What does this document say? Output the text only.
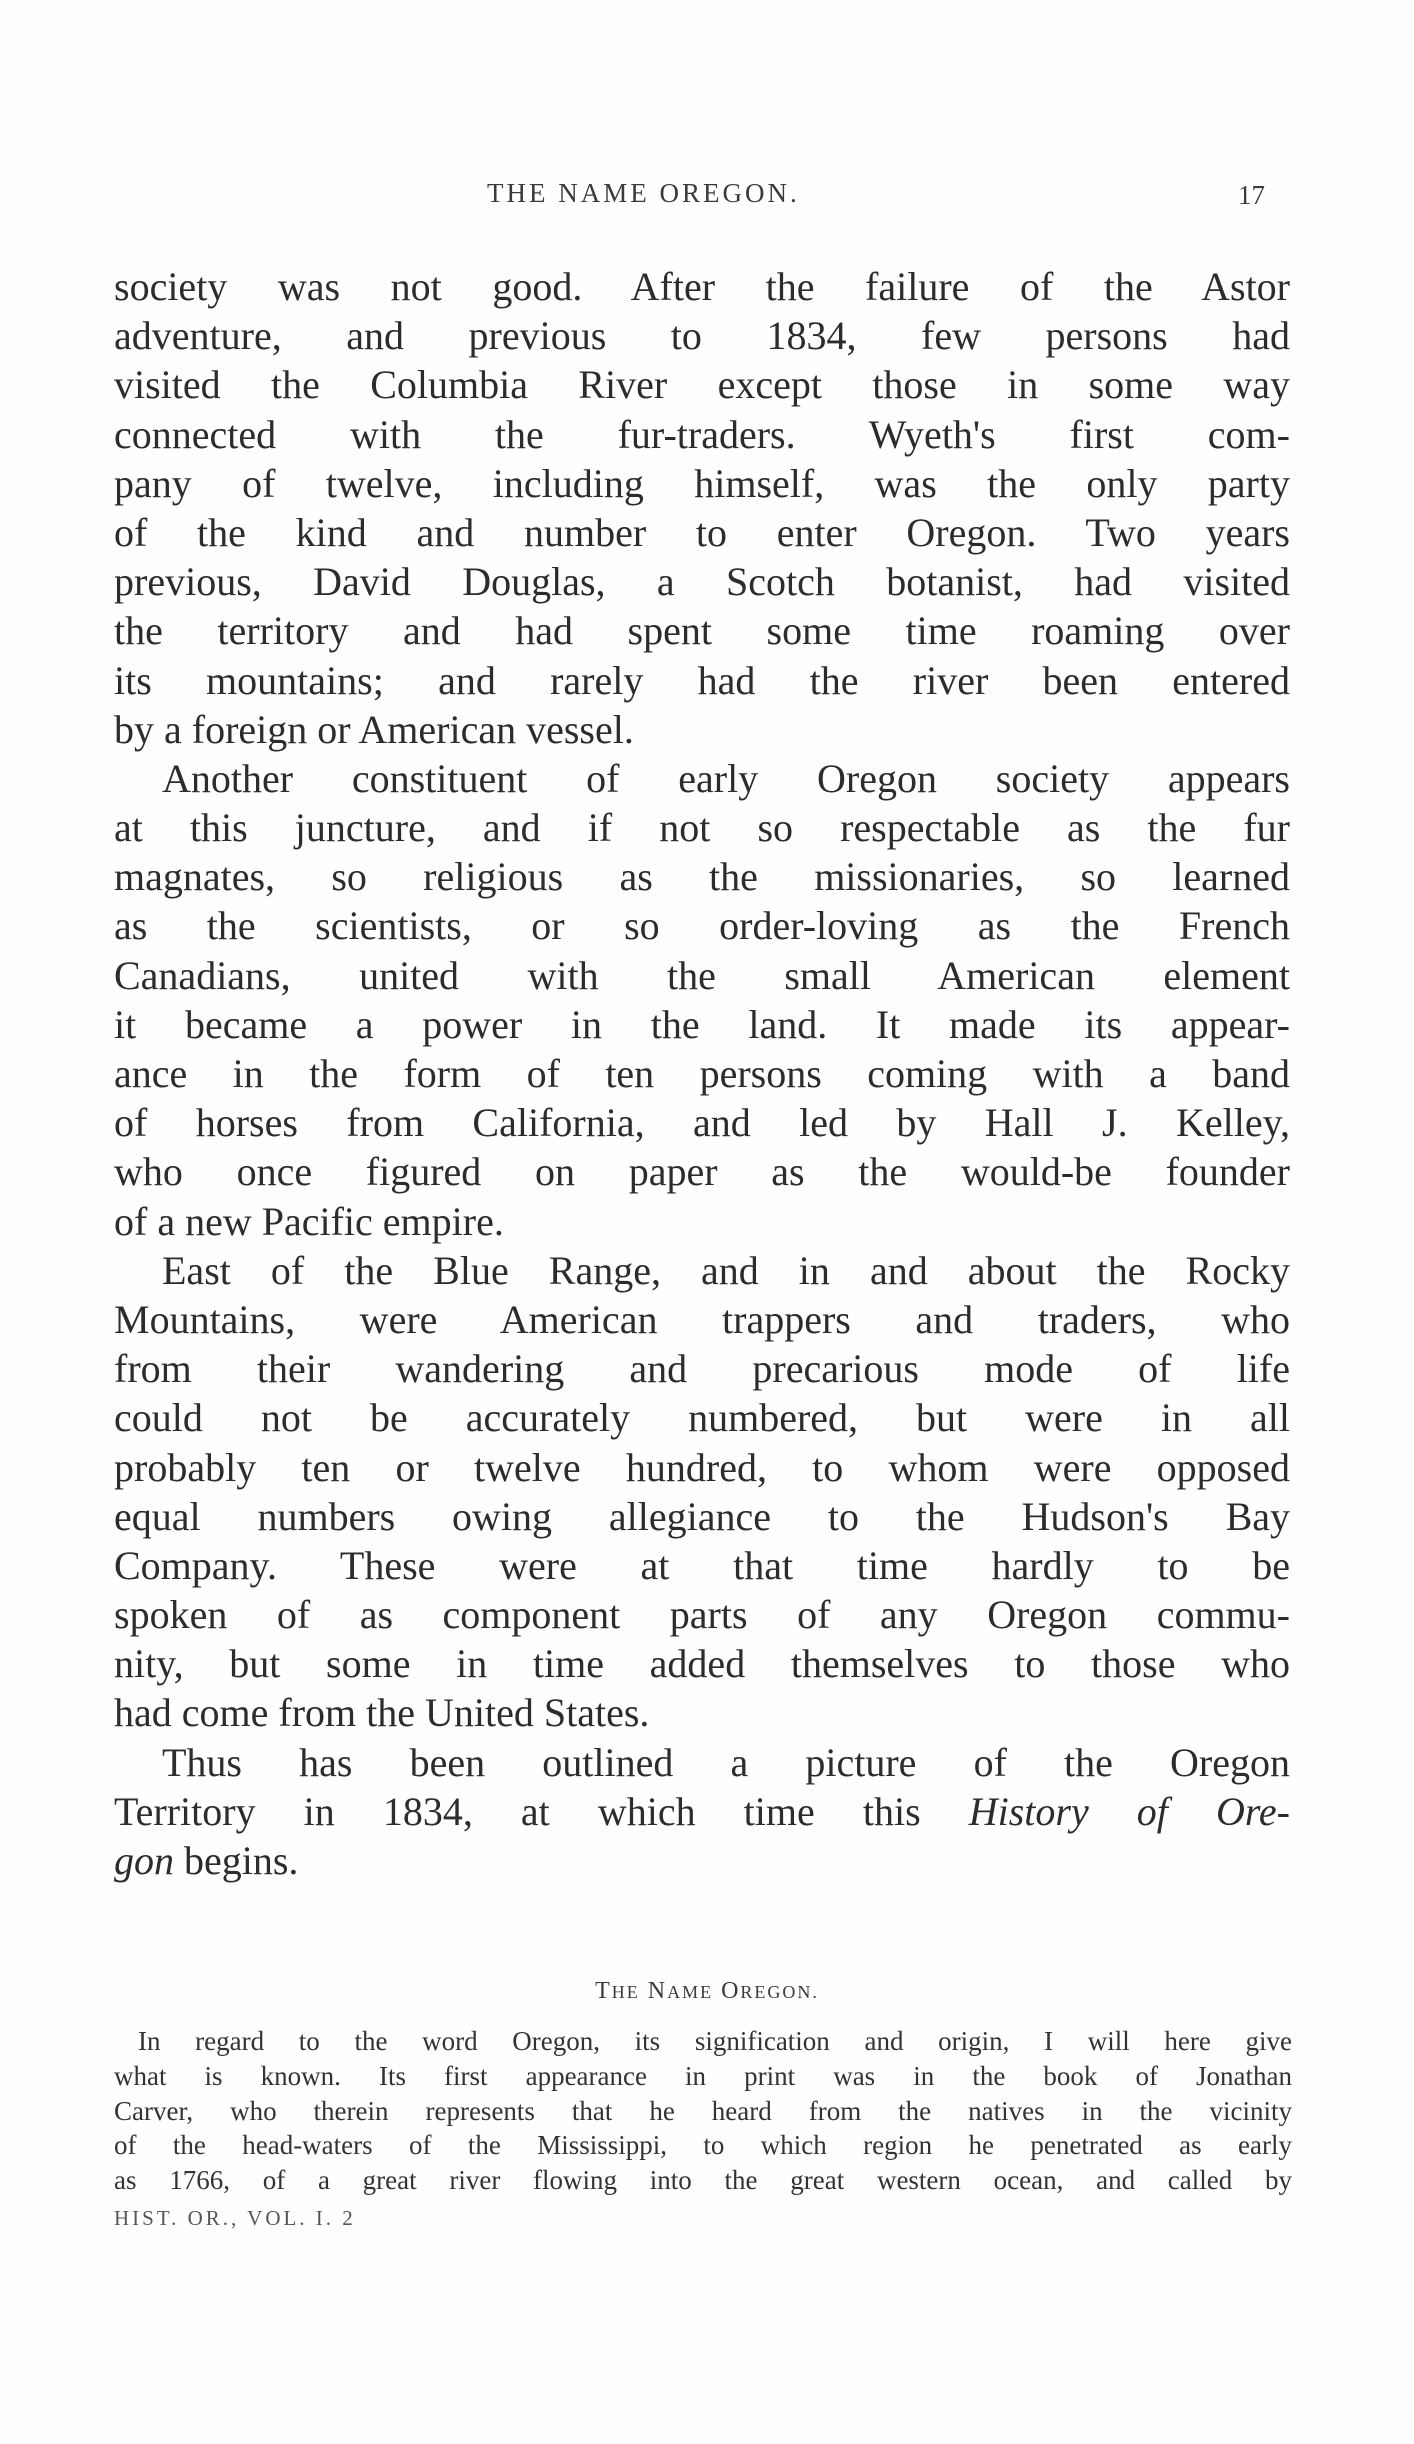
THE NAME OREGON.	17
society was not good. After the failure of the Astor
adventure, and previous to 1834, few persons had
visited the Columbia River except those in some way
connected with the fur-traders. Wyeth's first com-
pany of twelve, including himself, was the only party
of the kind and number to enter Oregon. Two years
previous, David Douglas, a Scotch botanist, had visited
the territory and had spent some time roaming over
its mountains; and rarely had the river been entered
by a foreign or American vessel.
Another constituent of early Oregon society appears
at this juncture, and if not so respectable as the fur
magnates, so religious as the missionaries, so learned
as the scientists, or so order-loving as the French
Canadians, united with the small American element
it became a power in the land. It made its appear-
ance in the form of ten persons coming with a band
of horses from California, and led by Hall J. Kelley,
who once figured on paper as the would-be founder
of a new Pacific empire.
East of the Blue Range, and in and about the Rocky
Mountains, were American trappers and traders, who
from their wandering and precarious mode of life
could not be accurately numbered, but were in all
probably ten or twelve hundred, to whom were opposed
equal numbers owing allegiance to the Hudson's Bay
Company. These were at that time hardly to be
spoken of as component parts of any Oregon commu-
nity, but some in time added themselves to those who
had come from the United States.
Thus has been outlined a picture of the Oregon
Territory in 1834, at which time this History of Ore-
gon begins.
THE NAME OREGON.
In regard to the word Oregon, its signification and origin, I will here give
what is known. Its first appearance in print was in the book of Jonathan
Carver, who therein represents that he heard from the natives in the vicinity
of the head-waters of the Mississippi, to which region he penetrated as early
as 1766, of a great river flowing into the great western ocean, and called by
HIST. OR., VOL. I. 2
